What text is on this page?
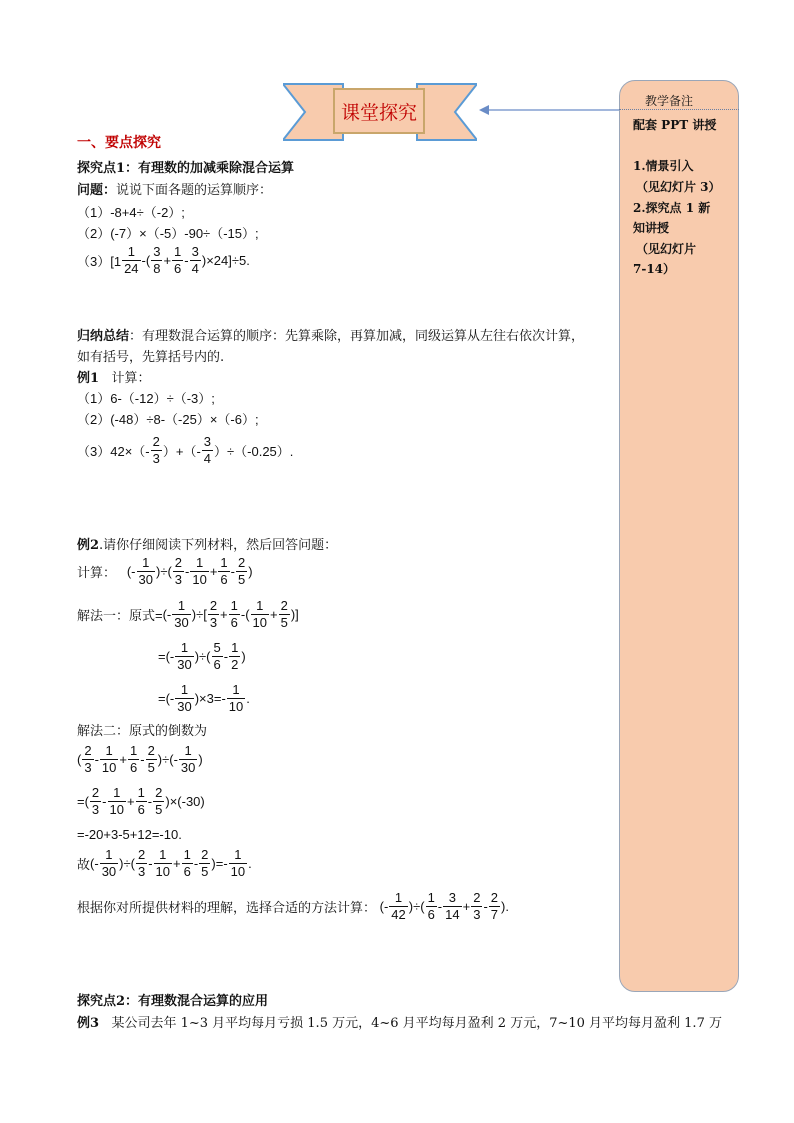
课堂探究
教学备注
配套 PPT 讲授
1.情景引入
（见幻灯片 3）
2.探究点 1 新
知讲授
（见幻灯片
7-14）
一、要点探究
探究点1：有理数的加减乘除混合运算
问题：说说下面各题的运算顺序：
（1）-8+4÷（-2）;
（2）(-7）×（-5）-90÷（-15）;
$(3)[1 \frac{1}{24}$ -( $\frac{3}{8} + \frac{1}{6} - \frac{3}{4} )\times 24]\div 5$.
归纳总结：有理数混合运算的顺序：先算乘除，再算加减，同级运算从左往右依次计算，
如有括号，先算括号内的.
例1 计算：
（1）6-（-12）÷（-3）;
（2）(-48）÷8-（-25）×（-6）;
$(3)42\times(- \frac{2}{3}$ ）+（- $\frac{3}{4} )\div(-0.25)$.
例2.请你仔细阅读下列材料，然后回答问题：
计算：   (- $\frac{1}{30}$ )÷( $\frac{2}{3} - \frac{1}{10} + \frac{1}{6} - \frac{2}{5}$ )
解法一：原式=(- $\frac{1}{30}$ )÷[ $\frac{2}{3} + \frac{1}{6}$ -( $\frac{1}{10} + \frac{2}{5}$ )]
=(- $\frac{1}{30}$ )÷( $\frac{5}{6} - \frac{1}{2}$ )
=(- $\frac{1}{30} )\times 3=- \frac{1}{10}$ .
解法二：原式的倒数为
( $\frac{2}{3} - \frac{1}{10} + \frac{1}{6} - \frac{2}{5}$ )÷(- $\frac{1}{30}$ )
=( $\frac{2}{3} - \frac{1}{10} + \frac{1}{6} - \frac{2}{5} )\times(-30)$
=-20+3-5+12=-10.
故(- $\frac{1}{30}$ )÷( $\frac{2}{3} - \frac{1}{10} + \frac{1}{6} - \frac{2}{5}$ )=- $\frac{1}{10}$ .
根据你对所提供材料的理解，选择合适的方法计算： (- $\frac{1}{42}$ )÷( $\frac{1}{6} - \frac{3}{14} + \frac{2}{3} - \frac{2}{7}$ ).
探究点2：有理数混合运算的应用
例3 某公司去年 1~3 月平均每月亏损 1.5 万元，4~6 月平均每月盈利 2 万元，7~10 月平均每月盈利 1.7 万
